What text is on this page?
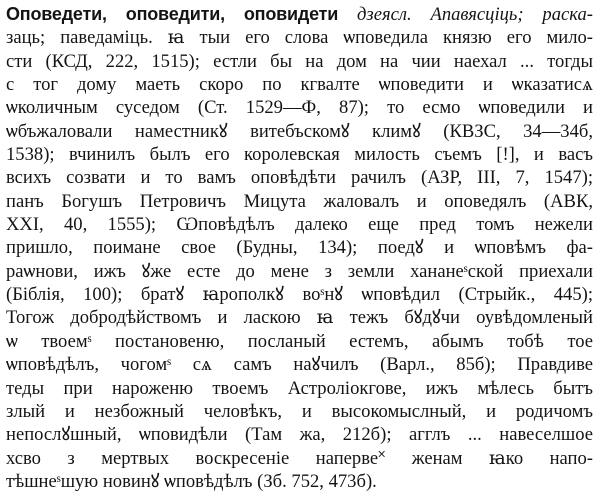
Оповедети, оповедити, оповидети дзеясл. Апавясціць; раска-
заць; паведаміць. ꙗ тыи его слова ѡповедила князю его мило-
сти (КСД, 222, 1515); естли бы на дом на чии наехал ... тогды
с тог дому маеть скоро по кгвалте ѡповедити и ѡказатисѧ
ѡколичным суседом (Ст. 1529—Ф, 87); то есмо ѡповедили и
ѡбъжаловали наместникꙋ витебъскомꙋ климꙋ (КВЗС, 34—34б,
1538); вчинилъ былъ его королевская милость съемъ [!], и васъ
всихъ созвати и то вамъ оповѣдѣти рачилъ (АЗР, III, 7, 1547);
панъ Богушъ Петровичъ Мицута жаловалъ и оповедялъ (АВК,
XXI, 40, 1555); Ѡповѣдѣлъ далеко еще пред томъ нежели
пришло, поимане свое (Будны, 134); поедꙋ и ѡповѣмъ фа-
раѡнови, ижъ ꙋже есте до мене з земли хананеˢской приехали
(Біблія, 100); братꙋ ꙗрополкꙋ воˢнꙋ ѡповѣдил (Стрыйк., 445);
Тогож добродѣйствомъ и ласкою ꙗ тежъ бꙋдꙋчи оувѣдомленый
ѡ твоемˢ постановеню, посланый естемъ, абымъ тобѣ тое
ѡповѣдѣлъ, чогомˢ сѧ самъ наꙋчилъ (Варл., 85б); Правдиве
теды при нароженю твоемъ Астроліокгове, ижъ мѣлесь бытъ
злый и незбожный человѣкъ, и высокомыслный, и родичомъ
непослꙋшный, ѡповидѣли (Там жа, 212б); агглъ ... навеселшое
хсво з мертвых воскресеніе наперве˟ женам ꙗко напо-
тѣшнеˢшую новинꙋ ѡповѣдѣлъ (Зб. 752, 473б).
